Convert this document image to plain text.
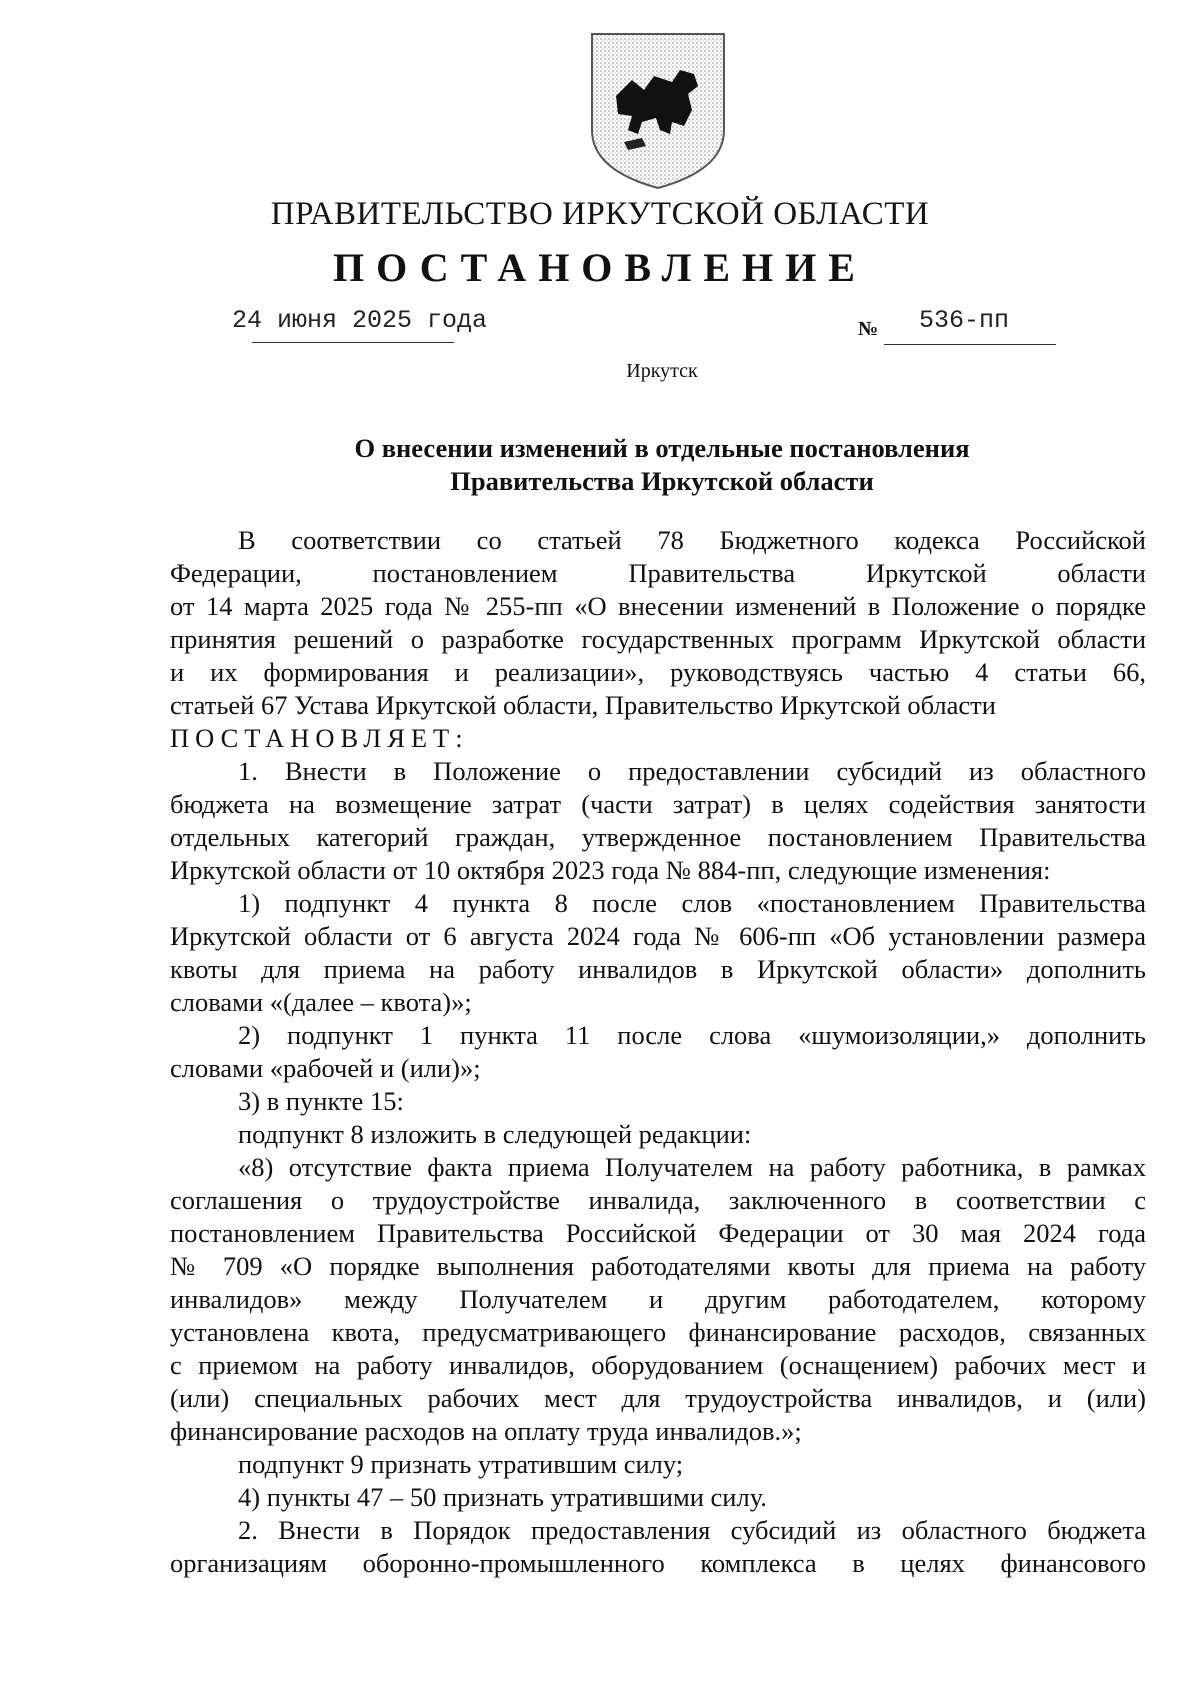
ПРАВИТЕЛЬСТВО ИРКУТСКОЙ ОБЛАСТИ
ПОСТАНОВЛЕНИЕ
24 июня 2025 года	№ 536-пп
Иркутск
О внесении изменений в отдельные постановления
Правительства Иркутской области
В соответствии со статьей 78 Бюджетного кодекса Российской
Федерации, постановлением Правительства Иркутской области
от 14 марта 2025 года № 255-пп «О внесении изменений в Положение о порядке
принятия решений о разработке государственных программ Иркутской области
и их формирования и реализации», руководствуясь частью 4 статьи 66,
статьей 67 Устава Иркутской области, Правительство Иркутской области

ПОСТАНОВЛЯЕТ:

1. Внести в Положение о предоставлении субсидий из областного
бюджета на возмещение затрат (части затрат) в целях содействия занятости
отдельных категорий граждан, утвержденное постановлением Правительства
Иркутской области от 10 октября 2023 года № 884-пп, следующие изменения:
1) подпункт 4 пункта 8 после слов «постановлением Правительства
Иркутской области от 6 августа 2024 года № 606-пп «Об установлении размера
квоты для приема на работу инвалидов в Иркутской области» дополнить
словами «(далее – квота)»;
2) подпункт 1 пункта 11 после слова «шумоизоляции,» дополнить
словами «рабочей и (или)»;

3) в пункте 15:

подпункт 8 изложить в следующей редакции:

«8) отсутствие факта приема Получателем на работу работника, в рамках
соглашения о трудоустройстве инвалида, заключенного в соответствии с
постановлением Правительства Российской Федерации от 30 мая 2024 года
№ 709 «О порядке выполнения работодателями квоты для приема на работу
инвалидов» между Получателем и другим работодателем, которому
установлена квота, предусматривающего финансирование расходов, связанных
с приемом на работу инвалидов, оборудованием (оснащением) рабочих мест и
(или) специальных рабочих мест для трудоустройства инвалидов, и (или)
финансирование расходов на оплату труда инвалидов.»;

подпункт 9 признать утратившим силу;

4) пункты 47 – 50 признать утратившими силу.

2. Внести в Порядок предоставления субсидий из областного бюджета
организациям оборонно-промышленного комплекса в целях финансового
